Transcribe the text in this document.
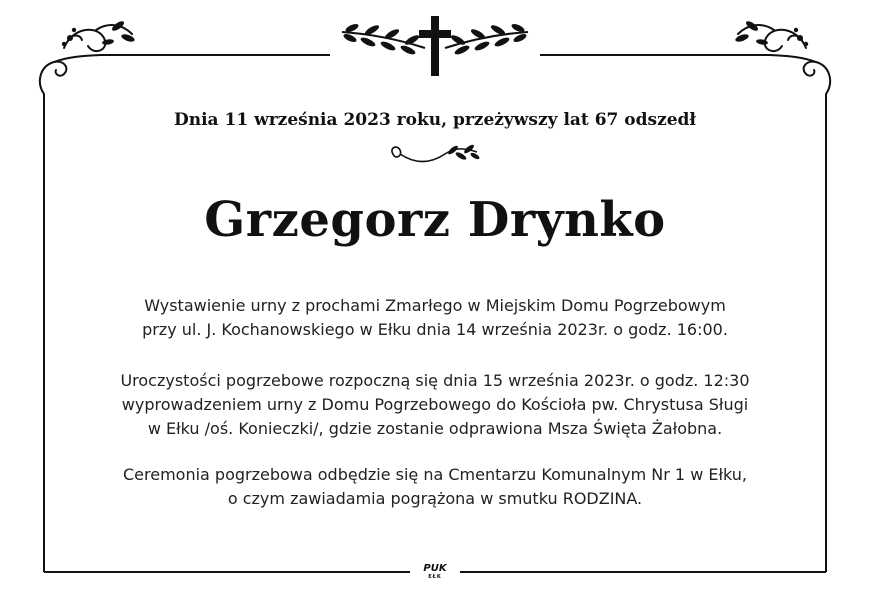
Dnia 11 września 2023 roku, przeżywszy lat 67 odszedł
Grzegorz Drynko
Wystawienie urny z prochami Zmarłego w Miejskim Domu Pogrzebowym
przy ul. J. Kochanowskiego w Ełku dnia 14 września 2023r. o godz. 16:00.
Uroczystości pogrzebowe rozpoczną się dnia 15 września 2023r. o godz. 12:30
wyprowadzeniem urny z Domu Pogrzebowego do Kościoła pw. Chrystusa Sługi
w Ełku /oś. Konieczki/, gdzie zostanie odprawiona Msza Święta Żałobna.
Ceremonia pogrzebowa odbędzie się na Cmentarzu Komunalnym Nr 1 w Ełku,
o czym zawiadamia pogrążona w smutku RODZINA.
PUK
EŁK
